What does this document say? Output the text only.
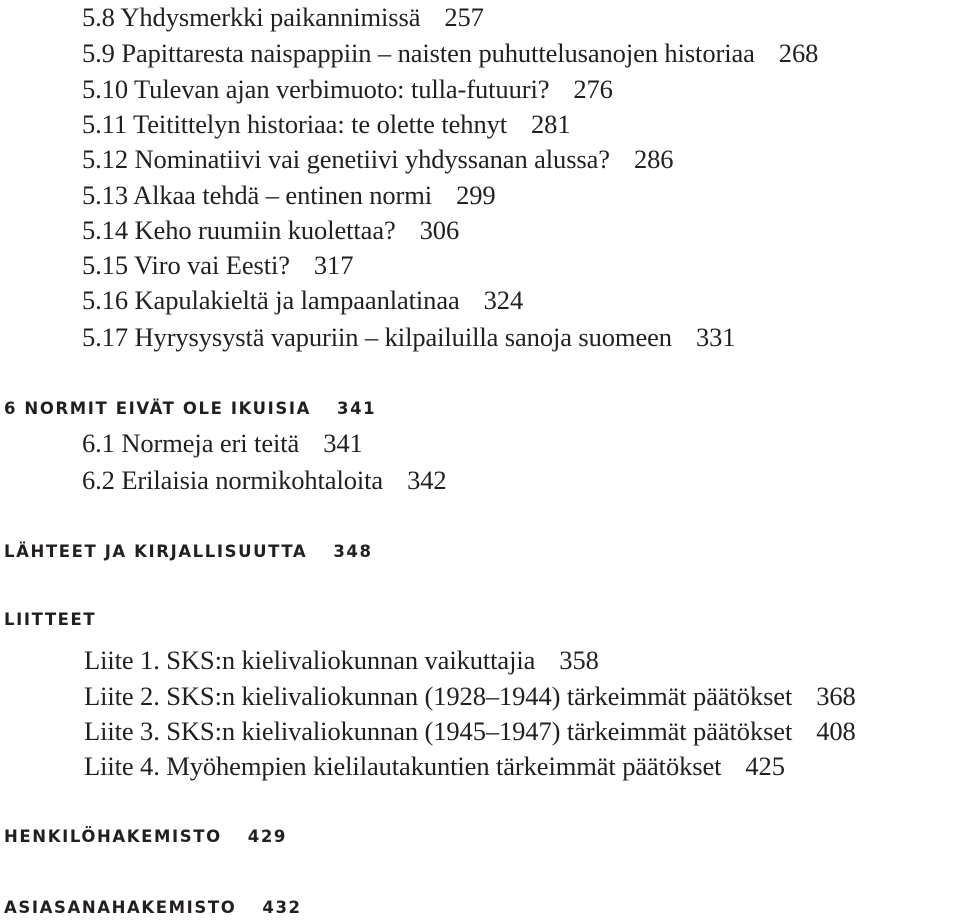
5.8 Yhdysmerkki paikannimissä 257
5.9 Papittaresta naispappiin – naisten puhuttelusanojen historiaa 268
5.10 Tulevan ajan verbimuoto: tulla-futuuri? 276
5.11 Teitittelyn historiaa: te olette tehnyt 281
5.12 Nominatiivi vai genetiivi yhdyssanan alussa? 286
5.13 Alkaa tehdä – entinen normi 299
5.14 Keho ruumiin kuolettaa? 306
5.15 Viro vai Eesti? 317
5.16 Kapulakieltä ja lampaanlatinaa 324
5.17 Hyrysysystä vapuriin – kilpailuilla sanoja suomeen 331
6 NORMIT EIVÄT OLE IKUISIA 341
6.1 Normeja eri teitä 341
6.2 Erilaisia normikohtaloita 342
LÄHTEET JA KIRJALLISUUTTA 348
LIITTEET
Liite 1. SKS:n kielivaliokunnan vaikuttajia 358
Liite 2. SKS:n kielivaliokunnan (1928–1944) tärkeimmät päätökset 368
Liite 3. SKS:n kielivaliokunnan (1945–1947) tärkeimmät päätökset 408
Liite 4. Myöhempien kielilautakuntien tärkeimmät päätökset 425
HENKILÖHAKEMISTO 429
ASIASANAHAKEMISTO 432
